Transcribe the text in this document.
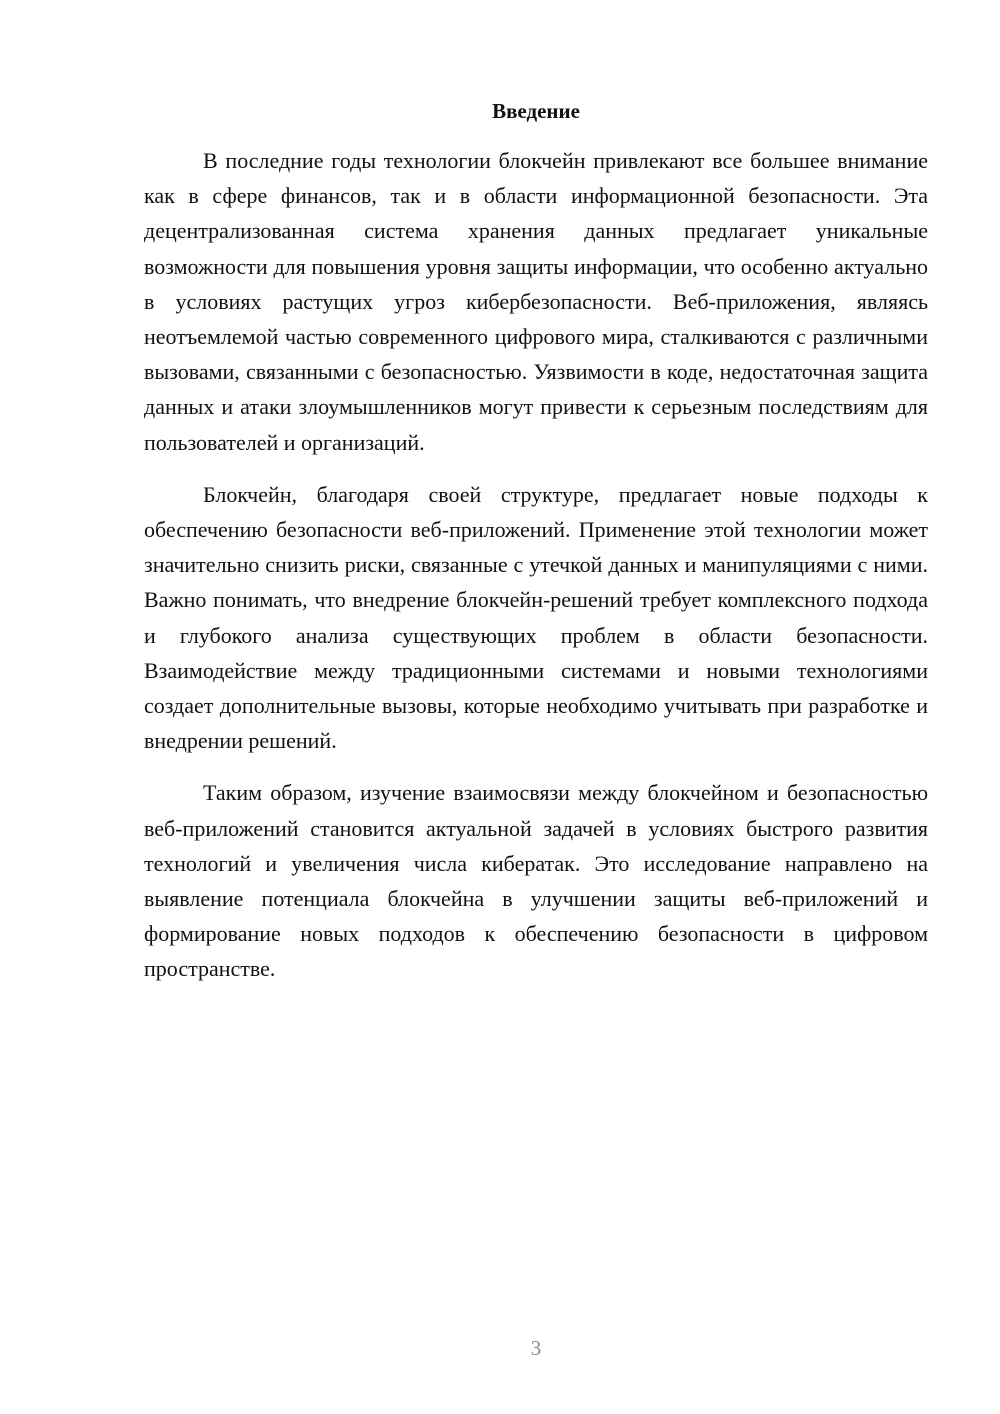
Введение

В последние годы технологии блокчейн привлекают все большее внимание как в сфере финансов, так и в области информационной безопасности. Эта децентрализованная система хранения данных предлагает уникальные возможности для повышения уровня защиты информации, что особенно актуально в условиях растущих угроз кибербезопасности. Веб-приложения, являясь неотъемлемой частью современного цифрового мира, сталкиваются с различными вызовами, связанными с безопасностью. Уязвимости в коде, недостаточная защита данных и атаки злоумышленников могут привести к серьезным последствиям для пользователей и организаций.

Блокчейн, благодаря своей структуре, предлагает новые подходы к обеспечению безопасности веб-приложений. Применение этой технологии может значительно снизить риски, связанные с утечкой данных и манипуляциями с ними. Важно понимать, что внедрение блокчейн-решений требует комплексного подхода и глубокого анализа существующих проблем в области безопасности. Взаимодействие между традиционными системами и новыми технологиями создает дополнительные вызовы, которые необходимо учитывать при разработке и внедрении решений.

Таким образом, изучение взаимосвязи между блокчейном и безопасностью веб-приложений становится актуальной задачей в условиях быстрого развития технологий и увеличения числа кибератак. Это исследование направлено на выявление потенциала блокчейна в улучшении защиты веб-приложений и формирование новых подходов к обеспечению безопасности в цифровом пространстве.

3
